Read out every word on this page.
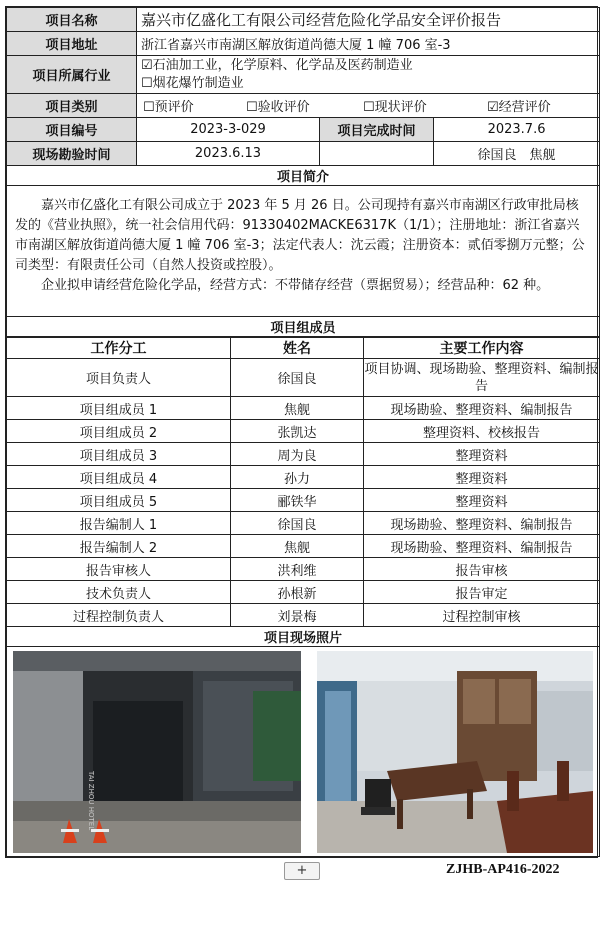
项目名称	嘉兴市亿盛化工有限公司经营危险化学品安全评价报告		
项目地址	浙江省嘉兴市南湖区解放街道尚德大厦 1 幢 706 室-3		
项目所属行业	☑石油加工业，化学原料、化学品及医药制造业
☐烟花爆竹制造业		

项目类别	☐预评价 ☐验收评价 ☐现状评价 ☑经营评价		

项目编号	2023-3-029	项目完成时间	2023.7.6
现场勘验时间	2023.6.13		徐国良　焦舰
项目简介			

嘉兴市亿盛化工有限公司成立于 2023 年 5 月 26 日。公司现持有嘉兴市南湖区行政审批局核发的《营业执照》，统一社会信用代码：91330402MACKE6317K（1/1）；注册地址：浙江省嘉兴市南湖区解放街道尚德大厦 1 幢 706 室-3；法定代表人：沈云霞；注册资本：贰佰零捌万元整；公司类型：有限责任公司（自然人投资或控股）。

企业拟申请经营危险化学品，经营方式：不带储存经营（票据贸易）；经营品种：62 种。			

项目组成员			
工作分工	姓名	主要工作内容
项目负责人	徐国良	项目协调、现场勘验、整理资料、编制报告
项目组成员 1	焦舰	现场勘验、整理资料、编制报告
项目组成员 2	张凯达	整理资料、校核报告
项目组成员 3	周为良	整理资料
项目组成员 4	孙力	整理资料
项目组成员 5	郦铁华	整理资料
报告编制人 1	徐国良	现场勘验、整理资料、编制报告
报告编制人 2	焦舰	现场勘验、整理资料、编制报告
报告审核人	洪利维	报告审核
技术负责人	孙根新	报告审定
过程控制负责人	刘景梅	过程控制审核
项目现场照片		

TAI ZHOU HOTEL		
+	ZJHB-AP416-2022
